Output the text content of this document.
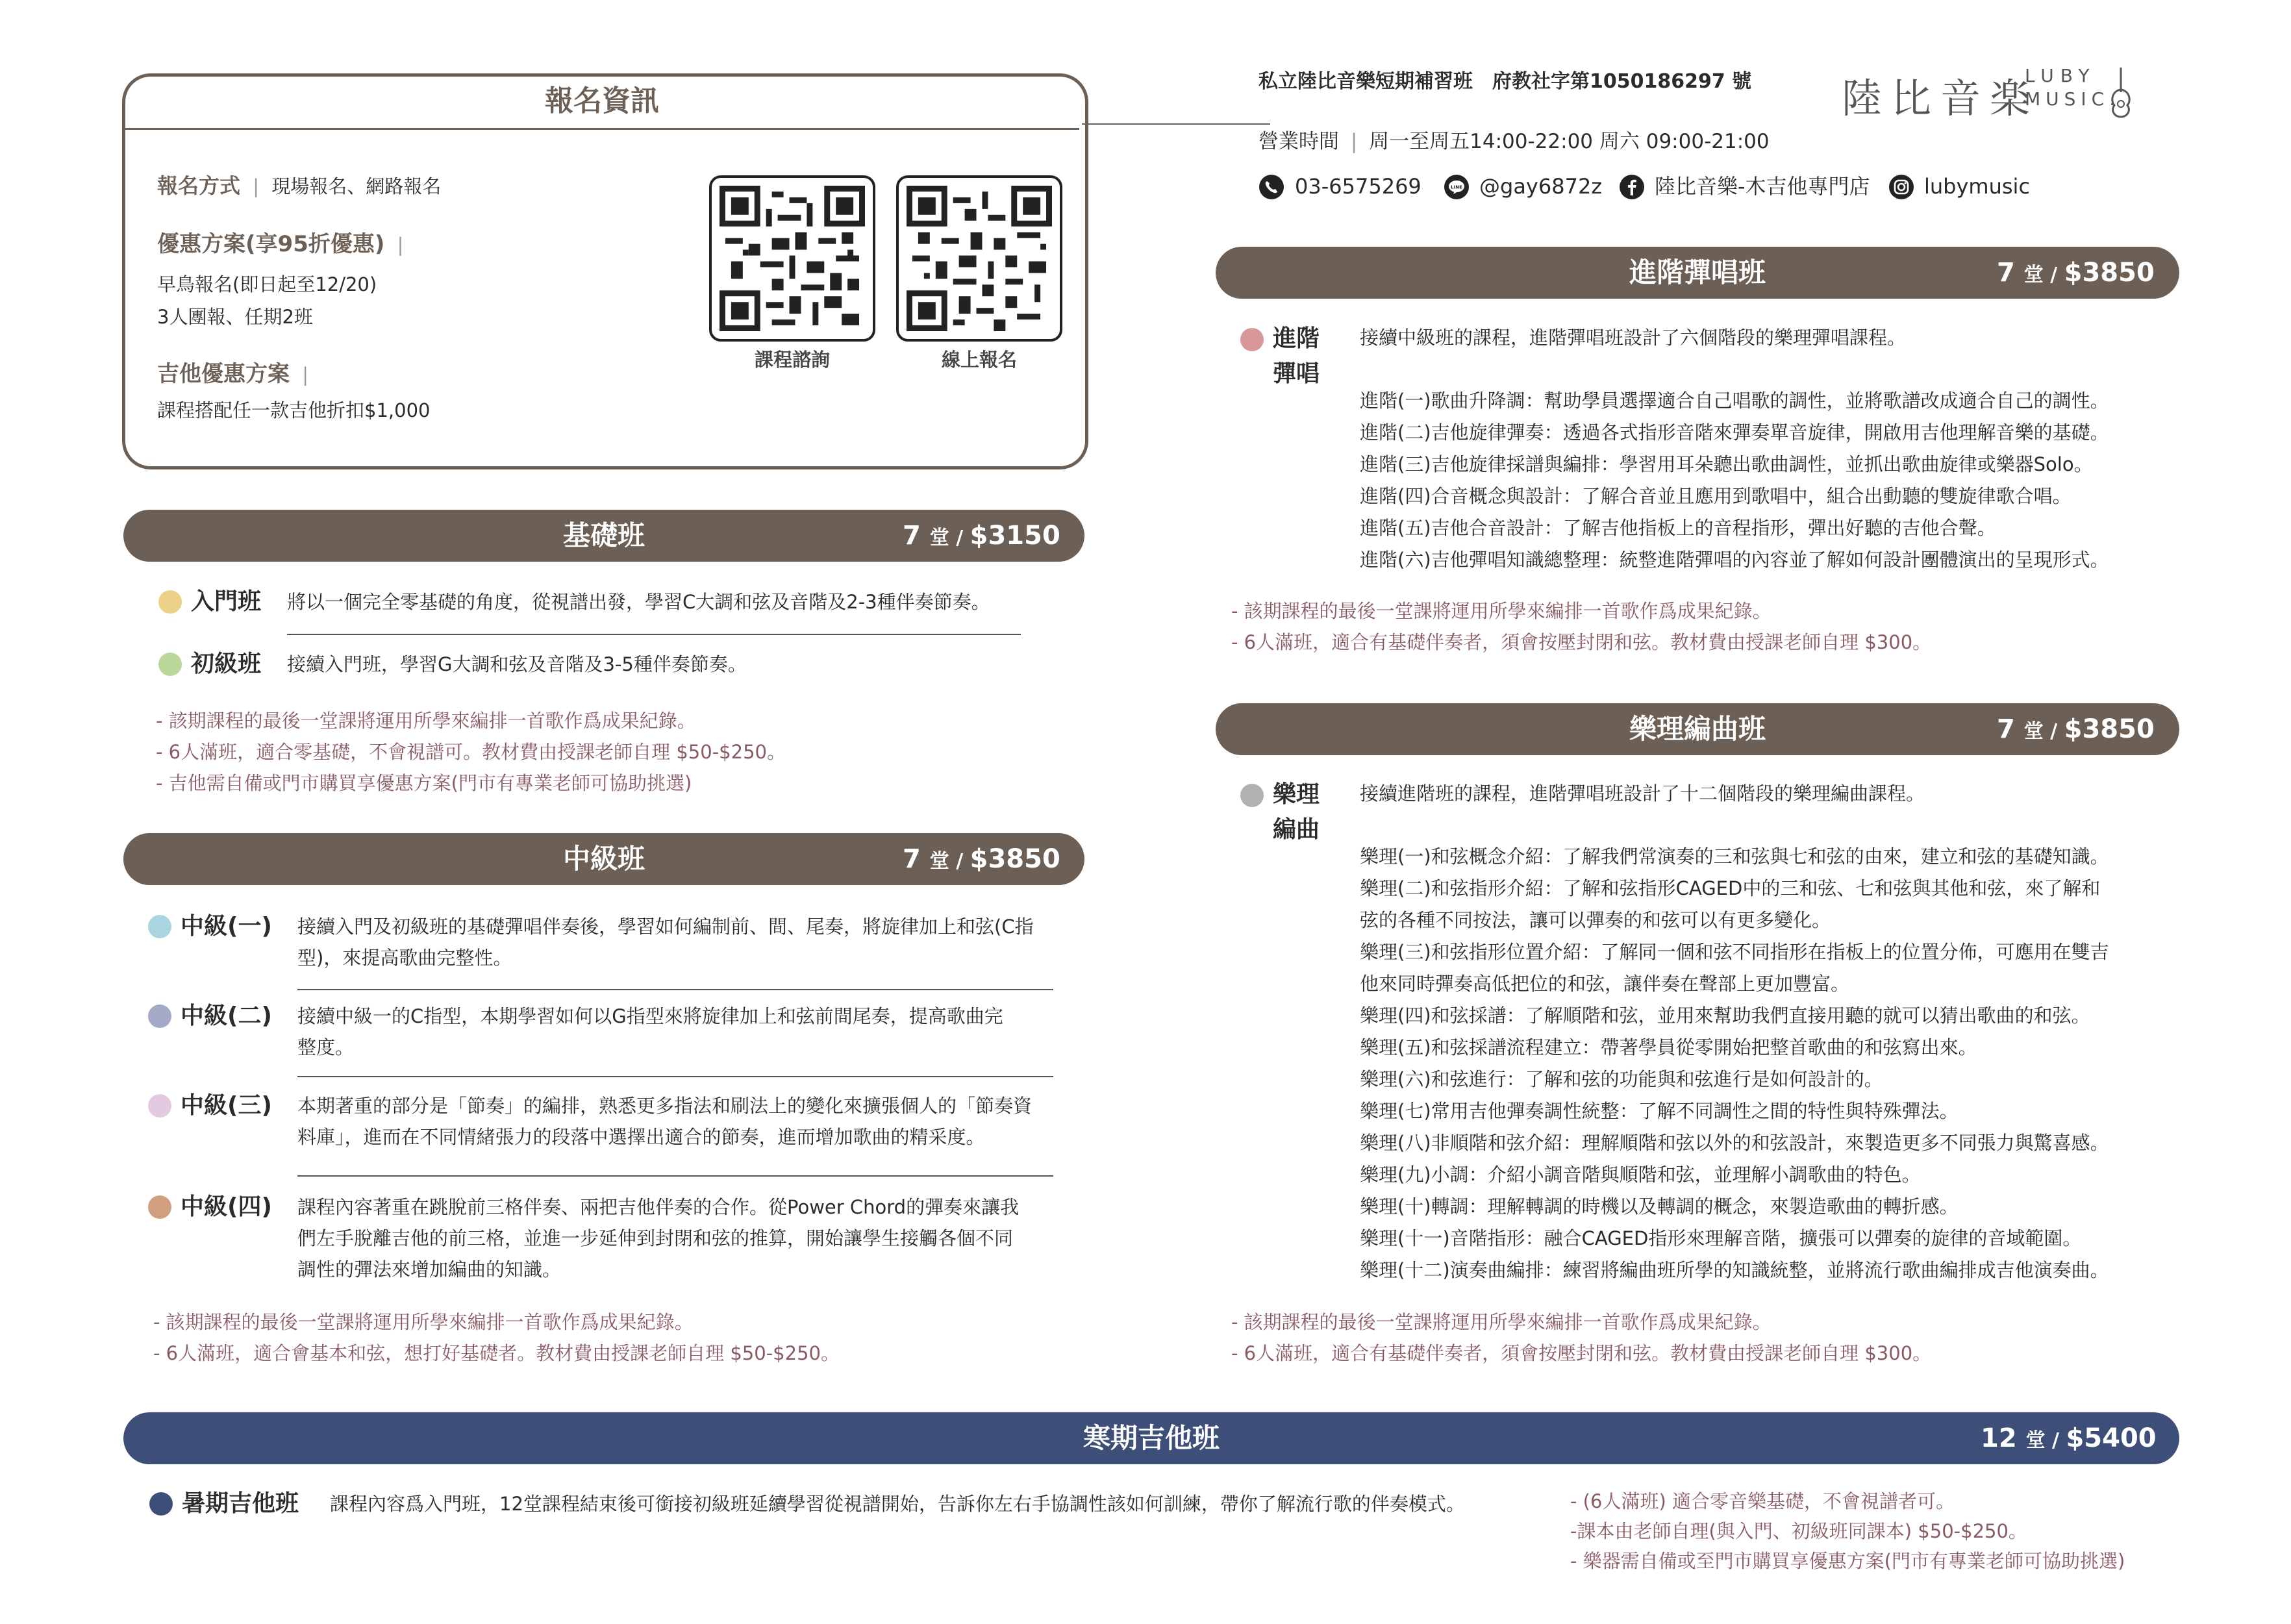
報名資訊
報名方式 | 現場報名、網路報名
優惠方案(享95折優惠) |
早鳥報名(即日起至12/20)
3人團報、任期2班
吉他優惠方案 |
課程搭配任一款吉他折扣$1,000
課程諮詢	線上報名
私立陸比音樂短期補習班　府教社字第1050186297 號 陸比音楽
LUBY
MUSIC.
營業時間 | 周一至周五14:00-22:00 周六 09:00-21:00
03-6575269	LINE @gay6872z	陸比音樂-木吉他專門店	lubymusic
基礎班	7 堂 / $3150
入門班 將以一個完全零基礎的角度，從視譜出發，學習C大調和弦及音階及2-3種伴奏節奏。
初級班 接續入門班，學習G大調和弦及音階及3-5種伴奏節奏。
- 該期課程的最後一堂課將運用所學來編排一首歌作爲成果紀錄。
- 6人滿班，適合零基礎，不會視譜可。教材費由授課老師自理 $50-$250。
- 吉他需自備或門市購買享優惠方案(門市有專業老師可協助挑選)
中級班	7 堂 / $3850
中級(一) 接續入門及初級班的基礎彈唱伴奏後，學習如何編制前、間、尾奏，將旋律加上和弦(C指
型)，來提高歌曲完整性。
中級(二) 接續中級一的C指型，本期學習如何以G指型來將旋律加上和弦前間尾奏，提高歌曲完
整度。
中級(三) 本期著重的部分是「節奏」的編排，熟悉更多指法和刷法上的變化來擴張個人的「節奏資
料庫」，進而在不同情緒張力的段落中選擇出適合的節奏，進而增加歌曲的精采度。
中級(四) 課程內容著重在跳脫前三格伴奏、兩把吉他伴奏的合作。從Power Chord的彈奏來讓我
們左手脫離吉他的前三格，並進一步延伸到封閉和弦的推算，開始讓學生接觸各個不同
調性的彈法來增加編曲的知識。
- 該期課程的最後一堂課將運用所學來編排一首歌作爲成果紀錄。
- 6人滿班，適合會基本和弦，想打好基礎者。教材費由授課老師自理 $50-$250。
進階彈唱班	7 堂 / $3850
進階
彈唱
接續中級班的課程，進階彈唱班設計了六個階段的樂理彈唱課程。
進階(一)歌曲升降調：幫助學員選擇適合自己唱歌的調性，並將歌譜改成適合自己的調性。
進階(二)吉他旋律彈奏：透過各式指形音階來彈奏單音旋律，開啟用吉他理解音樂的基礎。
進階(三)吉他旋律採譜與編排：學習用耳朵聽出歌曲調性，並抓出歌曲旋律或樂器Solo。
進階(四)合音概念與設計：了解合音並且應用到歌唱中，組合出動聽的雙旋律歌合唱。
進階(五)吉他合音設計：了解吉他指板上的音程指形，彈出好聽的吉他合聲。
進階(六)吉他彈唱知識總整理：統整進階彈唱的內容並了解如何設計團體演出的呈現形式。
- 該期課程的最後一堂課將運用所學來編排一首歌作爲成果紀錄。
- 6人滿班，適合有基礎伴奏者，須會按壓封閉和弦。教材費由授課老師自理 $300。
樂理編曲班	7 堂 / $3850
樂理
編曲
接續進階班的課程，進階彈唱班設計了十二個階段的樂理編曲課程。
樂理(一)和弦概念介紹：了解我們常演奏的三和弦與七和弦的由來，建立和弦的基礎知識。
樂理(二)和弦指形介紹：了解和弦指形CAGED中的三和弦、七和弦與其他和弦，來了解和
弦的各種不同按法，讓可以彈奏的和弦可以有更多變化。
樂理(三)和弦指形位置介紹：了解同一個和弦不同指形在指板上的位置分佈，可應用在雙吉
他來同時彈奏高低把位的和弦，讓伴奏在聲部上更加豐富。
樂理(四)和弦採譜：了解順階和弦，並用來幫助我們直接用聽的就可以猜出歌曲的和弦。
樂理(五)和弦採譜流程建立：帶著學員從零開始把整首歌曲的和弦寫出來。
樂理(六)和弦進行：了解和弦的功能與和弦進行是如何設計的。
樂理(七)常用吉他彈奏調性統整：了解不同調性之間的特性與特殊彈法。
樂理(八)非順階和弦介紹：理解順階和弦以外的和弦設計，來製造更多不同張力與驚喜感。
樂理(九)小調：介紹小調音階與順階和弦，並理解小調歌曲的特色。
樂理(十)轉調：理解轉調的時機以及轉調的概念，來製造歌曲的轉折感。
樂理(十一)音階指形：融合CAGED指形來理解音階，擴張可以彈奏的旋律的音域範圍。
樂理(十二)演奏曲編排：練習將編曲班所學的知識統整，並將流行歌曲編排成吉他演奏曲。
- 該期課程的最後一堂課將運用所學來編排一首歌作爲成果紀錄。
- 6人滿班，適合有基礎伴奏者，須會按壓封閉和弦。教材費由授課老師自理 $300。
寒期吉他班	12 堂 / $5400
暑期吉他班 課程內容爲入門班，12堂課程結束後可銜接初級班延續學習從視譜開始，告訴你左右手協調性該如何訓練，帶你了解流行歌的伴奏模式。	- (6人滿班) 適合零音樂基礎，不會視譜者可。
-課本由老師自理(與入門、初級班同課本) $50-$250。
- 樂器需自備或至門市購買享優惠方案(門市有專業老師可協助挑選)
